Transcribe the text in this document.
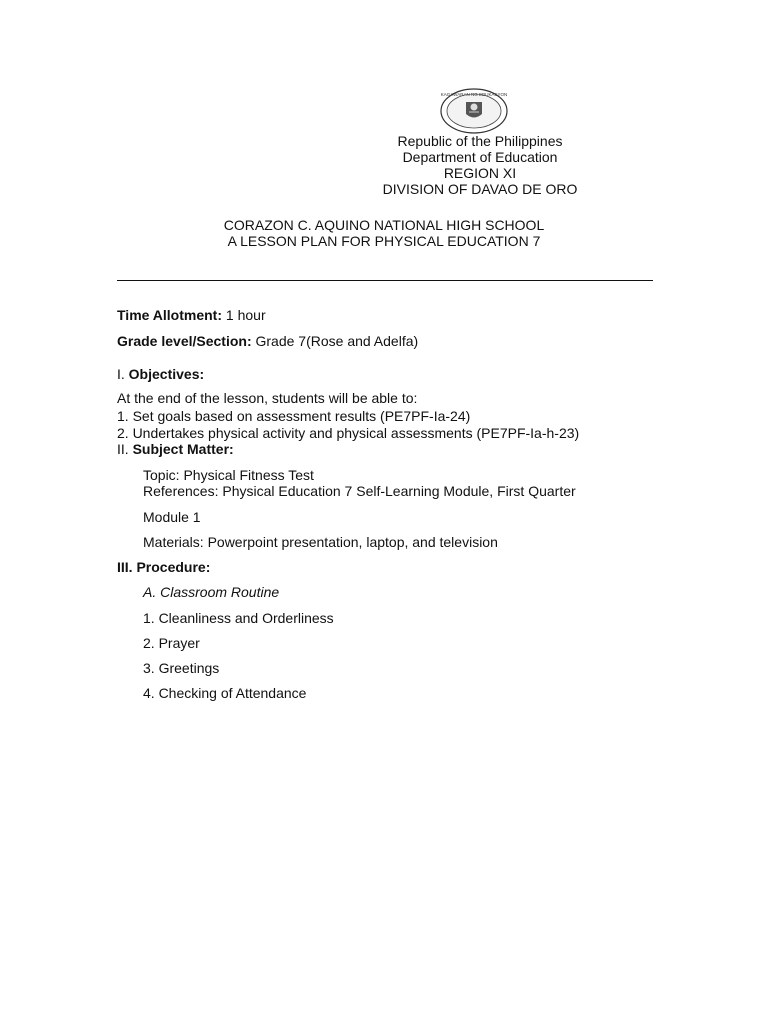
KAGAWARAN NG EDUKASYON
Republic of the Philippines
Department of Education
REGION XI
DIVISION OF DAVAO DE ORO
CORAZON C. AQUINO NATIONAL HIGH SCHOOL
A LESSON PLAN FOR PHYSICAL EDUCATION 7
Time Allotment: 1 hour
Grade level/Section: Grade 7(Rose and Adelfa)
I. Objectives:
At the end of the lesson, students will be able to:
1. Set goals based on assessment results (PE7PF-Ia-24)
2. Undertakes physical activity and physical assessments (PE7PF-Ia-h-23)
II. Subject Matter:
Topic: Physical Fitness Test
References: Physical Education 7 Self-Learning Module, First Quarter
Module 1
Materials: Powerpoint presentation, laptop, and television
III. Procedure:
A. Classroom Routine
1. Cleanliness and Orderliness
2. Prayer
3. Greetings
4. Checking of Attendance
